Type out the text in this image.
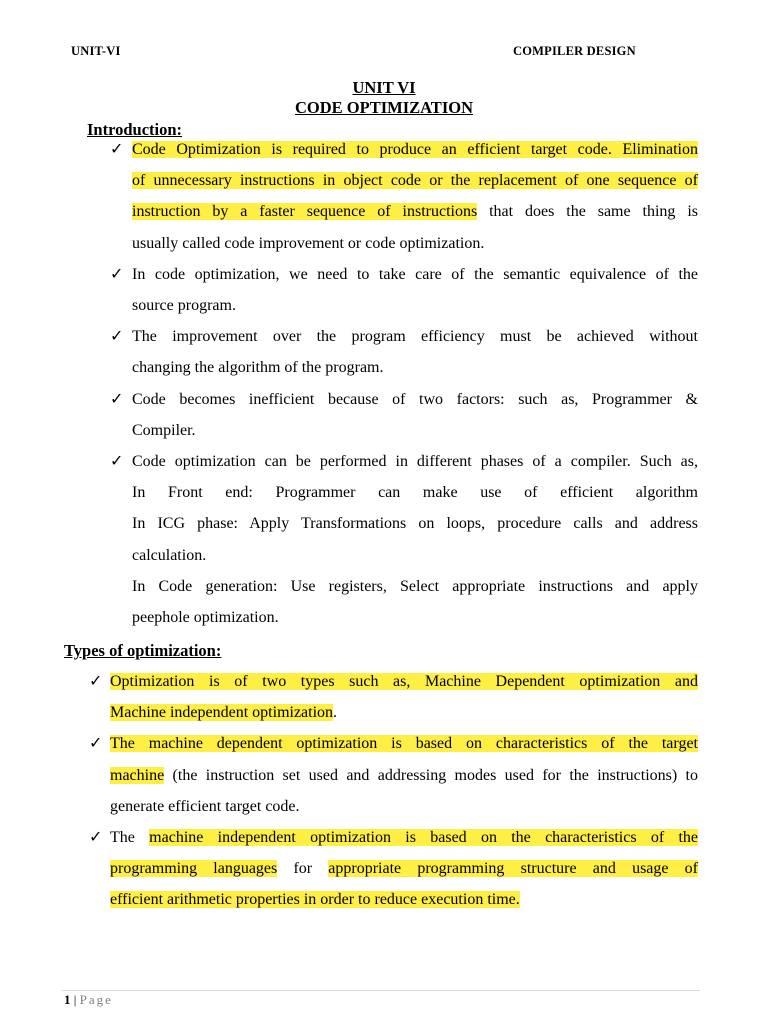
UNIT-VI	COMPILER DESIGN
UNIT VI
CODE OPTIMIZATION
Introduction:
✓ Code Optimization is required to produce an efficient target code. Elimination
of unnecessary instructions in object code or the replacement of one sequence of
instruction by a faster sequence of instructions that does the same thing is
usually called code improvement or code optimization.
✓ In code optimization, we need to take care of the semantic equivalence of the
source program.
✓ The improvement over the program efficiency must be achieved without
changing the algorithm of the program.
✓ Code becomes inefficient because of two factors: such as, Programmer &
Compiler.
✓ Code optimization can be performed in different phases of a compiler. Such as,
In Front end: Programmer can make use of efficient algorithm
In ICG phase: Apply Transformations on loops, procedure calls and address
calculation.
In Code generation: Use registers, Select appropriate instructions and apply
peephole optimization.
Types of optimization:
✓ Optimization is of two types such as, Machine Dependent optimization and
Machine independent optimization.
✓ The machine dependent optimization is based on characteristics of the target
machine (the instruction set used and addressing modes used for the instructions) to
generate efficient target code.
✓ The machine independent optimization is based on the characteristics of the
programming languages for appropriate programming structure and usage of
efficient arithmetic properties in order to reduce execution time.
1 | Page
